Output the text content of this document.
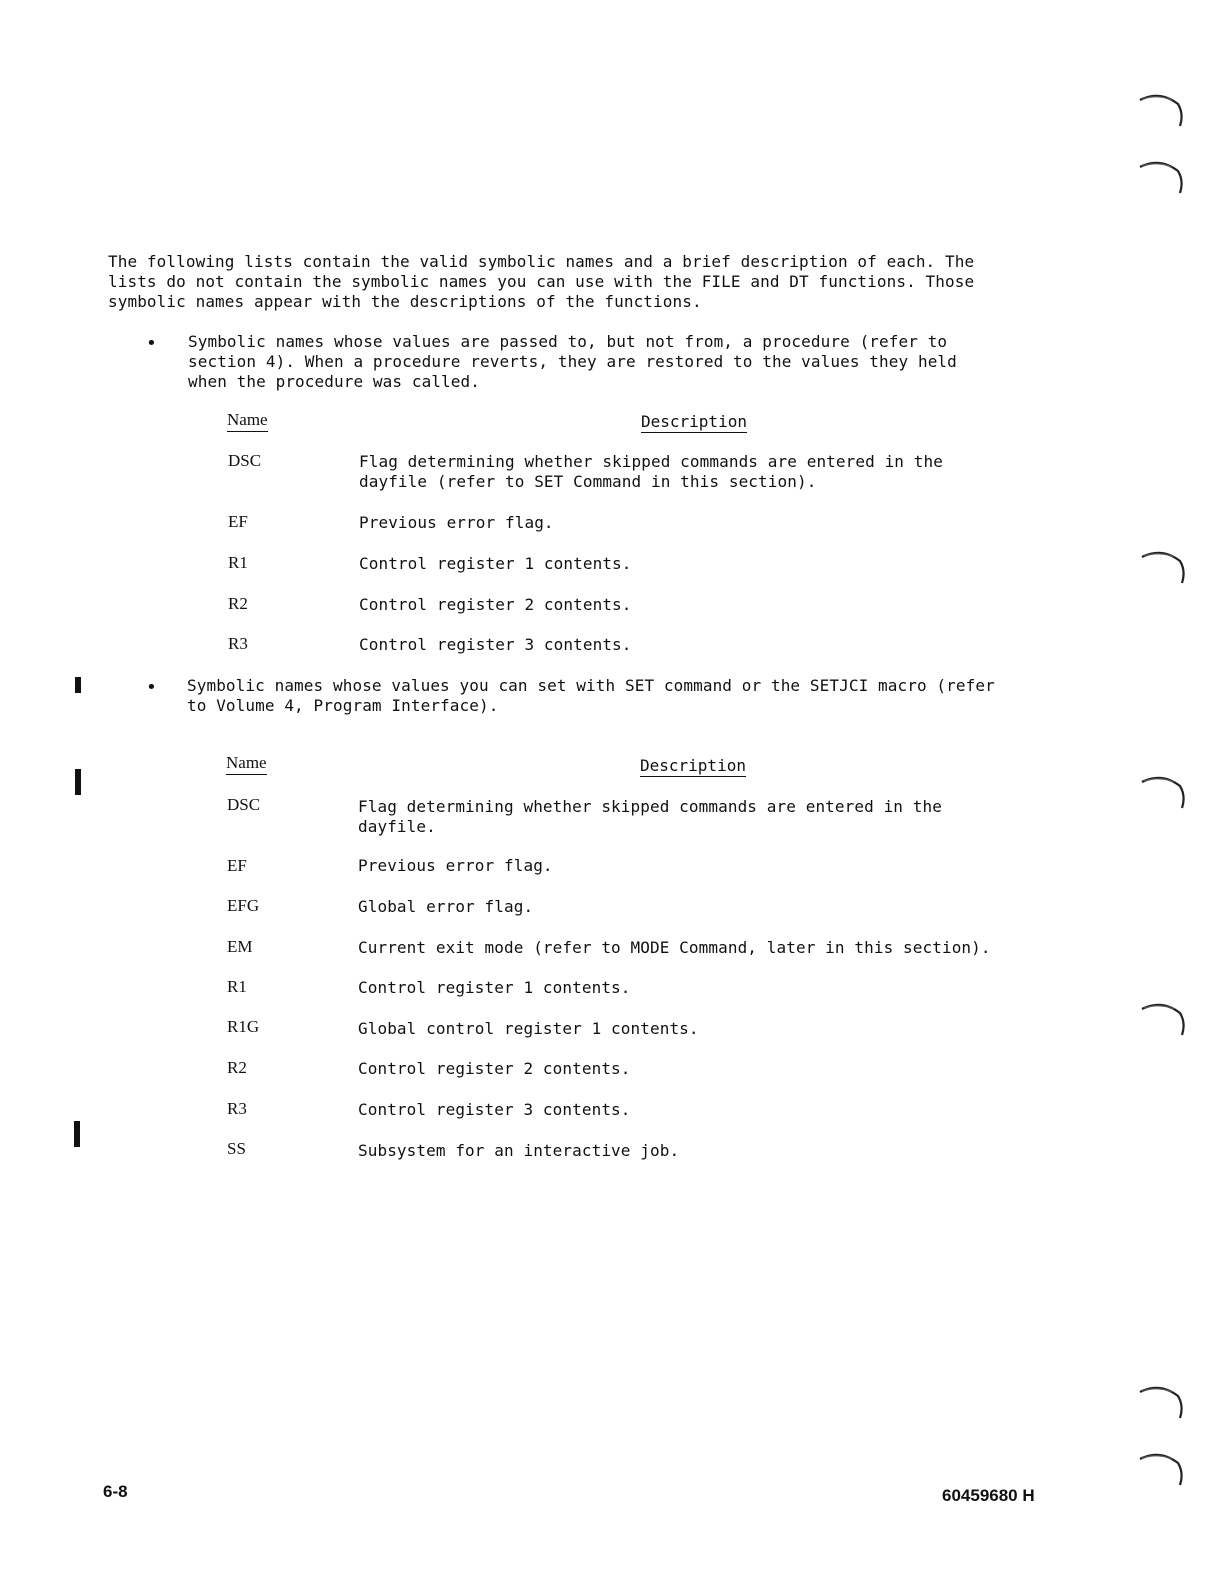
The following lists contain the valid symbolic names and a brief description of each. The
lists do not contain the symbolic names you can use with the FILE and DT functions. Those
symbolic names appear with the descriptions of the functions.
• Symbolic names whose values are passed to, but not from, a procedure (refer to
section 4). When a procedure reverts, they are restored to the values they held
when the procedure was called.
Name	Description
DSC	Flag determining whether skipped commands are entered in the
dayfile (refer to SET Command in this section).
EF	Previous error flag.
R1	Control register 1 contents.
R2	Control register 2 contents.
R3	Control register 3 contents.
• Symbolic names whose values you can set with SET command or the SETJCI macro (refer
to Volume 4, Program Interface).
Name	Description
DSC	Flag determining whether skipped commands are entered in the
dayfile.
EF	Previous error flag.
EFG	Global error flag.
EM	Current exit mode (refer to MODE Command, later in this section).
R1	Control register 1 contents.
R1G	Global control register 1 contents.
R2	Control register 2 contents.
R3	Control register 3 contents.
SS	Subsystem for an interactive job.
6-8	60459680 H
